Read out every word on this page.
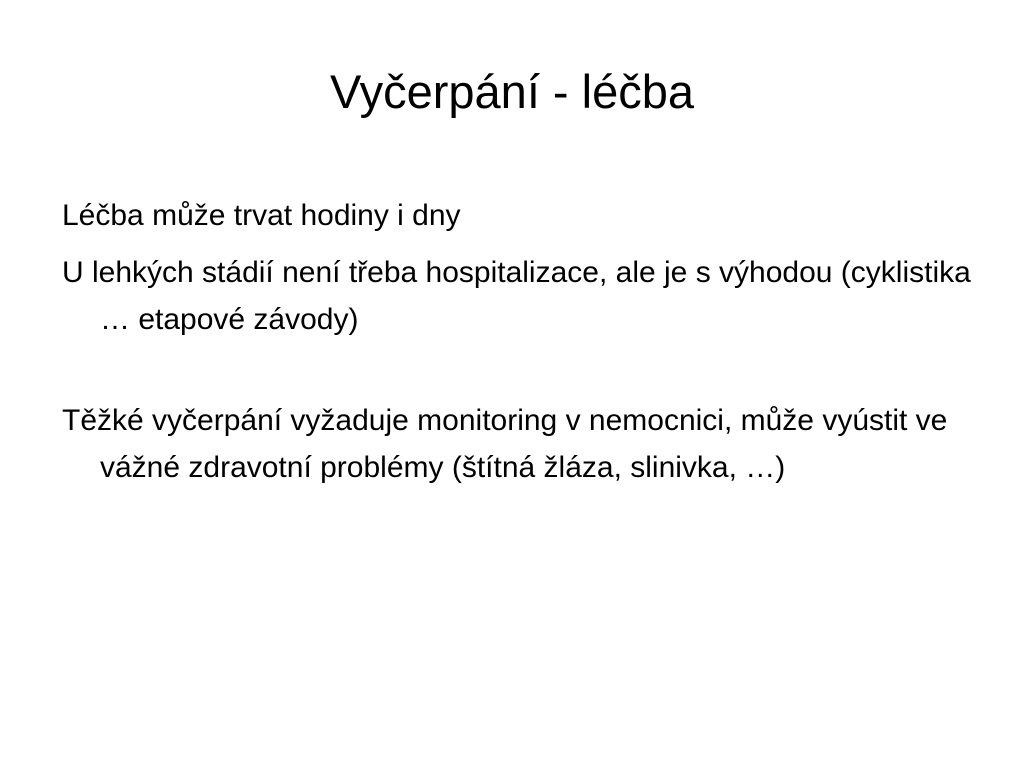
Vyčerpání - léčba

Léčba může trvat hodiny i dny

U lehkých stádií není třeba hospitalizace, ale je s výhodou (cyklistika … etapové závody)

Těžké vyčerpání vyžaduje monitoring v nemocnici, může vyústit ve vážné zdravotní problémy (štítná žláza, slinivka, …)
